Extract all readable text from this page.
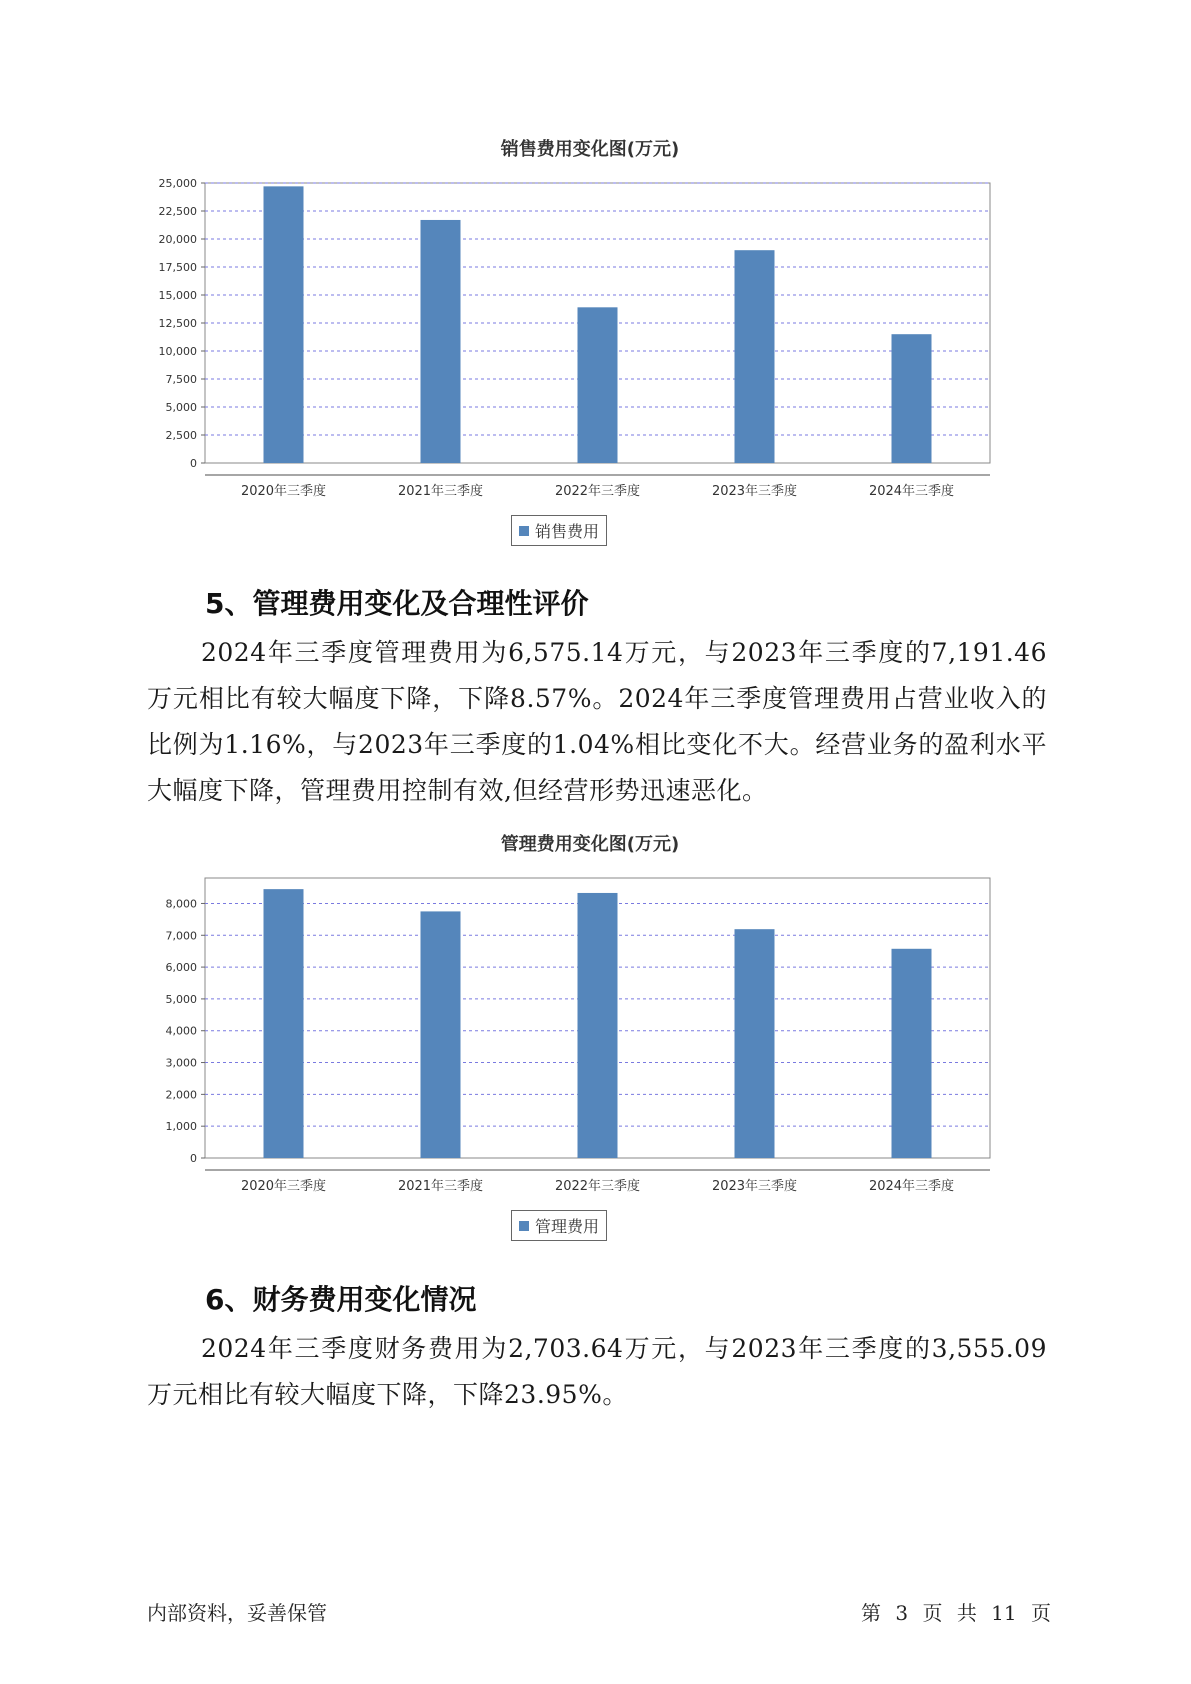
销售费用变化图(万元)
0
2,500
5,000
7,500
10,000
12,500
15,000
17,500
20,000
22,500
25,000
2020年三季度	2021年三季度	2022年三季度	2023年三季度	2024年三季度
销售费用
5、管理费用变化及合理性评价

2024年三季度管理费用为6,575.14万元，与2023年三季度的7,191.46万元相比有较大幅度下降，下降8.57%。2024年三季度管理费用占营业收入的比例为1.16%，与2023年三季度的1.04%相比变化不大。经营业务的盈利水平大幅度下降，管理费用控制有效,但经营形势迅速恶化。

管理费用变化图(万元)
0
1,000
2,000
3,000
4,000
5,000
6,000
7,000
8,000
2020年三季度	2021年三季度	2022年三季度	2023年三季度	2024年三季度
管理费用
6、财务费用变化情况

2024年三季度财务费用为2,703.64万元，与2023年三季度的3,555.09万元相比有较大幅度下降，下降23.95%。

内部资料，妥善保管	第 3 页 共 11 页
